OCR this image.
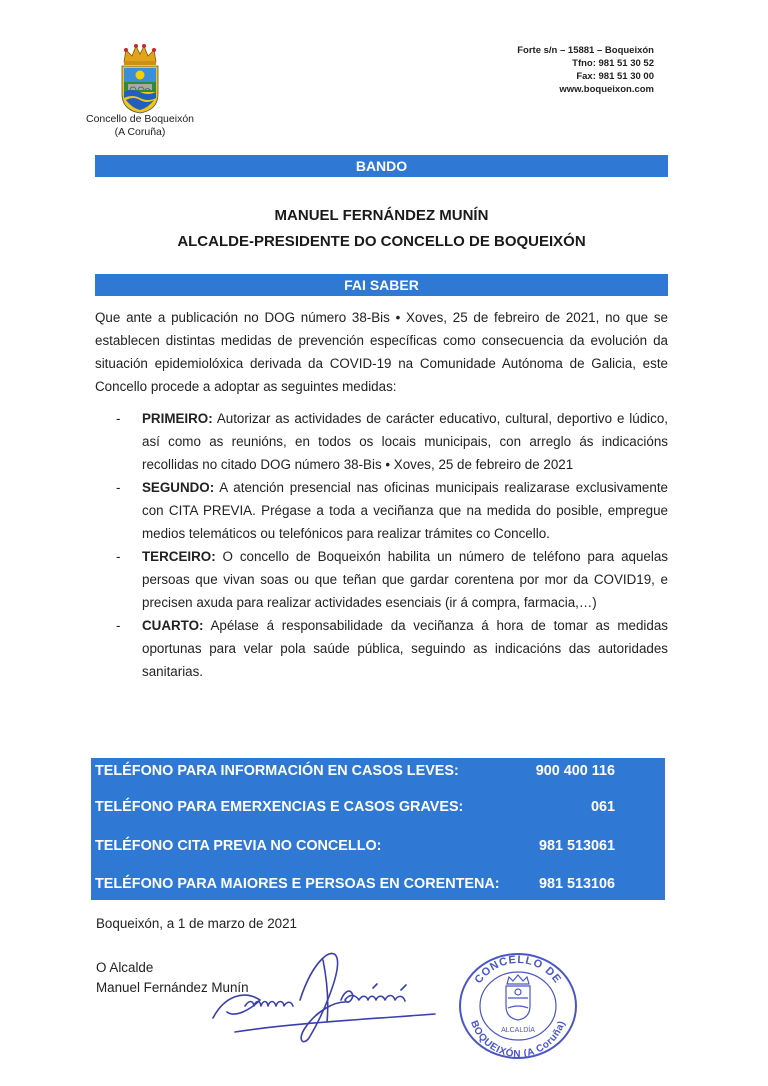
Concello de Boqueixón
(A Coruña)
Forte s/n – 15881 – Boqueixón
Tfno: 981 51 30 52
Fax: 981 51 30 00
www.boqueixon.com
BANDO
MANUEL FERNÁNDEZ MUNÍN
ALCALDE-PRESIDENTE DO CONCELLO DE BOQUEIXÓN
FAI SABER
Que ante a publicación no DOG número 38-Bis • Xoves, 25 de febreiro de 2021, no que se establecen distintas medidas de prevención específicas como consecuencia da evolución da situación epidemiolóxica derivada da COVID-19 na Comunidade Autónoma de Galicia, este Concello procede a adoptar as seguintes medidas:
- PRIMEIRO: Autorizar as actividades de carácter educativo, cultural, deportivo e lúdico, así como as reunións, en todos os locais municipais, con arreglo ás indicacións recollidas no citado DOG número 38-Bis • Xoves, 25 de febreiro de 2021
- SEGUNDO: A atención presencial nas oficinas municipais realizarase exclusivamente con CITA PREVIA. Prégase a toda a veciñanza que na medida do posible, empregue medios telemáticos ou telefónicos para realizar trámites co Concello.
- TERCEIRO: O concello de Boqueixón habilita un número de teléfono para aquelas persoas que vivan soas ou que teñan que gardar corentena por mor da COVID19, e precisen axuda para realizar actividades esenciais (ir á compra, farmacia,…)
- CUARTO: Apélase á responsabilidade da veciñanza á hora de tomar as medidas oportunas para velar pola saúde pública, seguindo as indicacións das autoridades sanitarias.
TELÉFONO PARA INFORMACIÓN EN CASOS LEVES:	900 400 116
TELÉFONO PARA EMERXENCIAS E CASOS GRAVES:	061
TELÉFONO CITA PREVIA NO CONCELLO:	981 513061
TELÉFONO PARA MAIORES E PERSOAS EN CORENTENA:	981 513106
Boqueixón, a 1 de marzo de 2021
O Alcalde
Manuel Fernández Munín
CONCELLO DE
BOQUEIXÓN (A Coruña)
ALCALDÍA
